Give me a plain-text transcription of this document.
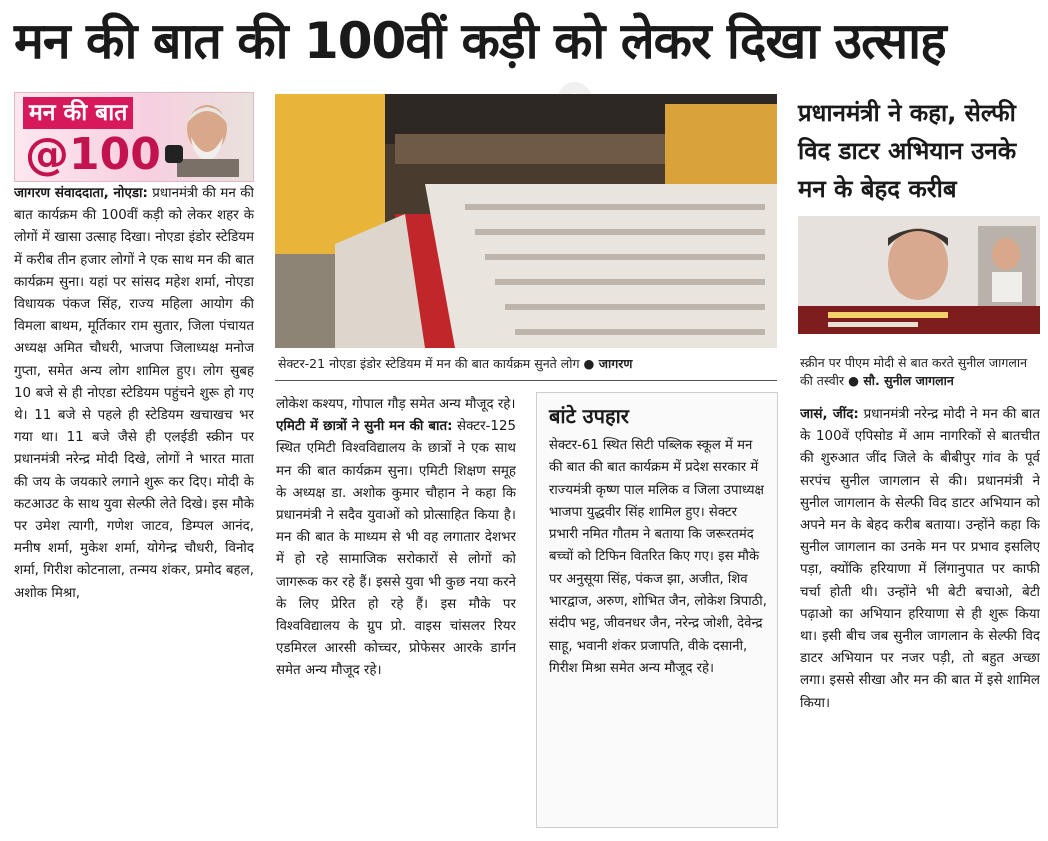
मन की बात की 100वीं कड़ी को लेकर दिखा उत्साह
मन की बात
@100
जागरण संवाददाता, नोएडा: प्रधानमंत्री की मन की बात कार्यक्रम की 100वीं कड़ी को लेकर शहर के लोगों में खासा उत्साह दिखा। नोएडा इंडोर स्टेडियम में करीब तीन हजार लोगों ने एक साथ मन की बात कार्यक्रम सुना। यहां पर सांसद महेश शर्मा, नोएडा विधायक पंकज सिंह, राज्य महिला आयोग की विमला बाथम, मूर्तिकार राम सुतार, जिला पंचायत अध्यक्ष अमित चौधरी, भाजपा जिलाध्यक्ष मनोज गुप्ता, समेत अन्य लोग शामिल हुए। लोग सुबह 10 बजे से ही नोएडा स्टेडियम पहुंचने शुरू हो गए थे। 11 बजे से पहले ही स्टेडियम खचाखच भर गया था। 11 बजे जैसे ही एलईडी स्क्रीन पर प्रधानमंत्री नरेन्द्र मोदी दिखे, लोगों ने भारत माता की जय के जयकारे लगाने शुरू कर दिए। मोदी के कटआउट के साथ युवा सेल्फी लेते दिखे। इस मौके पर उमेश त्यागी, गणेश जाटव, डिम्पल आनंद, मनीष शर्मा, मुकेश शर्मा, योगेन्द्र चौधरी, विनोद शर्मा, गिरीश कोटनाला, तन्मय शंकर, प्रमोद बहल, अशोक मिश्रा,
सेक्टर-21 नोएडा इंडोर स्टेडियम में मन की बात कार्यक्रम सुनते लोग ● जागरण
लोकेश कश्यप, गोपाल गौड़ समेत अन्य मौजूद रहे।
एमिटी में छात्रों ने सुनी मन की बात: सेक्टर-125 स्थित एमिटी विश्वविद्यालय के छात्रों ने एक साथ मन की बात कार्यक्रम सुना। एमिटी शिक्षण समूह के अध्यक्ष डा. अशोक कुमार चौहान ने कहा कि प्रधानमंत्री ने सदैव युवाओं को प्रोत्साहित किया है। मन की बात के माध्यम से भी वह लगातार देशभर में हो रहे सामाजिक सरोकारों से लोगों को जागरूक कर रहे हैं। इससे युवा भी कुछ नया करने के लिए प्रेरित हो रहे हैं। इस मौके पर विश्वविद्यालय के ग्रुप प्रो. वाइस चांसलर रियर एडमिरल आरसी कोच्चर, प्रोफेसर आरके डार्गन समेत अन्य मौजूद रहे।
बांटे उपहार
सेक्टर-61 स्थित सिटी पब्लिक स्कूल में मन की बात की बात कार्यक्रम में प्रदेश सरकार में राज्यमंत्री कृष्ण पाल मलिक व जिला उपाध्यक्ष भाजपा युद्धवीर सिंह शामिल हुए। सेक्टर प्रभारी नमित गौतम ने बताया कि जरूरतमंद बच्चों को टिफिन वितरित किए गए। इस मौके पर अनुसूया सिंह, पंकज झा, अजीत, शिव भारद्वाज, अरुण, शोभित जैन, लोकेश त्रिपाठी, संदीप भट्ट, जीवनधर जैन, नरेन्द्र जोशी, देवेन्द्र साहू, भवानी शंकर प्रजापति, वीके दसानी, गिरीश मिश्रा समेत अन्य मौजूद रहे।
प्रधानमंत्री ने कहा, सेल्फी विद डाटर अभियान उनके मन के बेहद करीब
स्क्रीन पर पीएम मोदी से बात करते सुनील जागलान की तस्वीर ● सौ. सुनील जागलान
जासं, जींद: प्रधानमंत्री नरेन्द्र मोदी ने मन की बात के 100वें एपिसोड में आम नागरिकों से बातचीत की शुरुआत जींद जिले के बीबीपुर गांव के पूर्व सरपंच सुनील जागलान से की। प्रधानमंत्री ने सुनील जागलान के सेल्फी विद डाटर अभियान को अपने मन के बेहद करीब बताया। उन्होंने कहा कि सुनील जागलान का उनके मन पर प्रभाव इसलिए पड़ा, क्योंकि हरियाणा में लिंगानुपात पर काफी चर्चा होती थी। उन्होंने भी बेटी बचाओ, बेटी पढ़ाओ का अभियान हरियाणा से ही शुरू किया था। इसी बीच जब सुनील जागलान के सेल्फी विद डाटर अभियान पर नजर पड़ी, तो बहुत अच्छा लगा। इससे सीखा और मन की बात में इसे शामिल किया।
